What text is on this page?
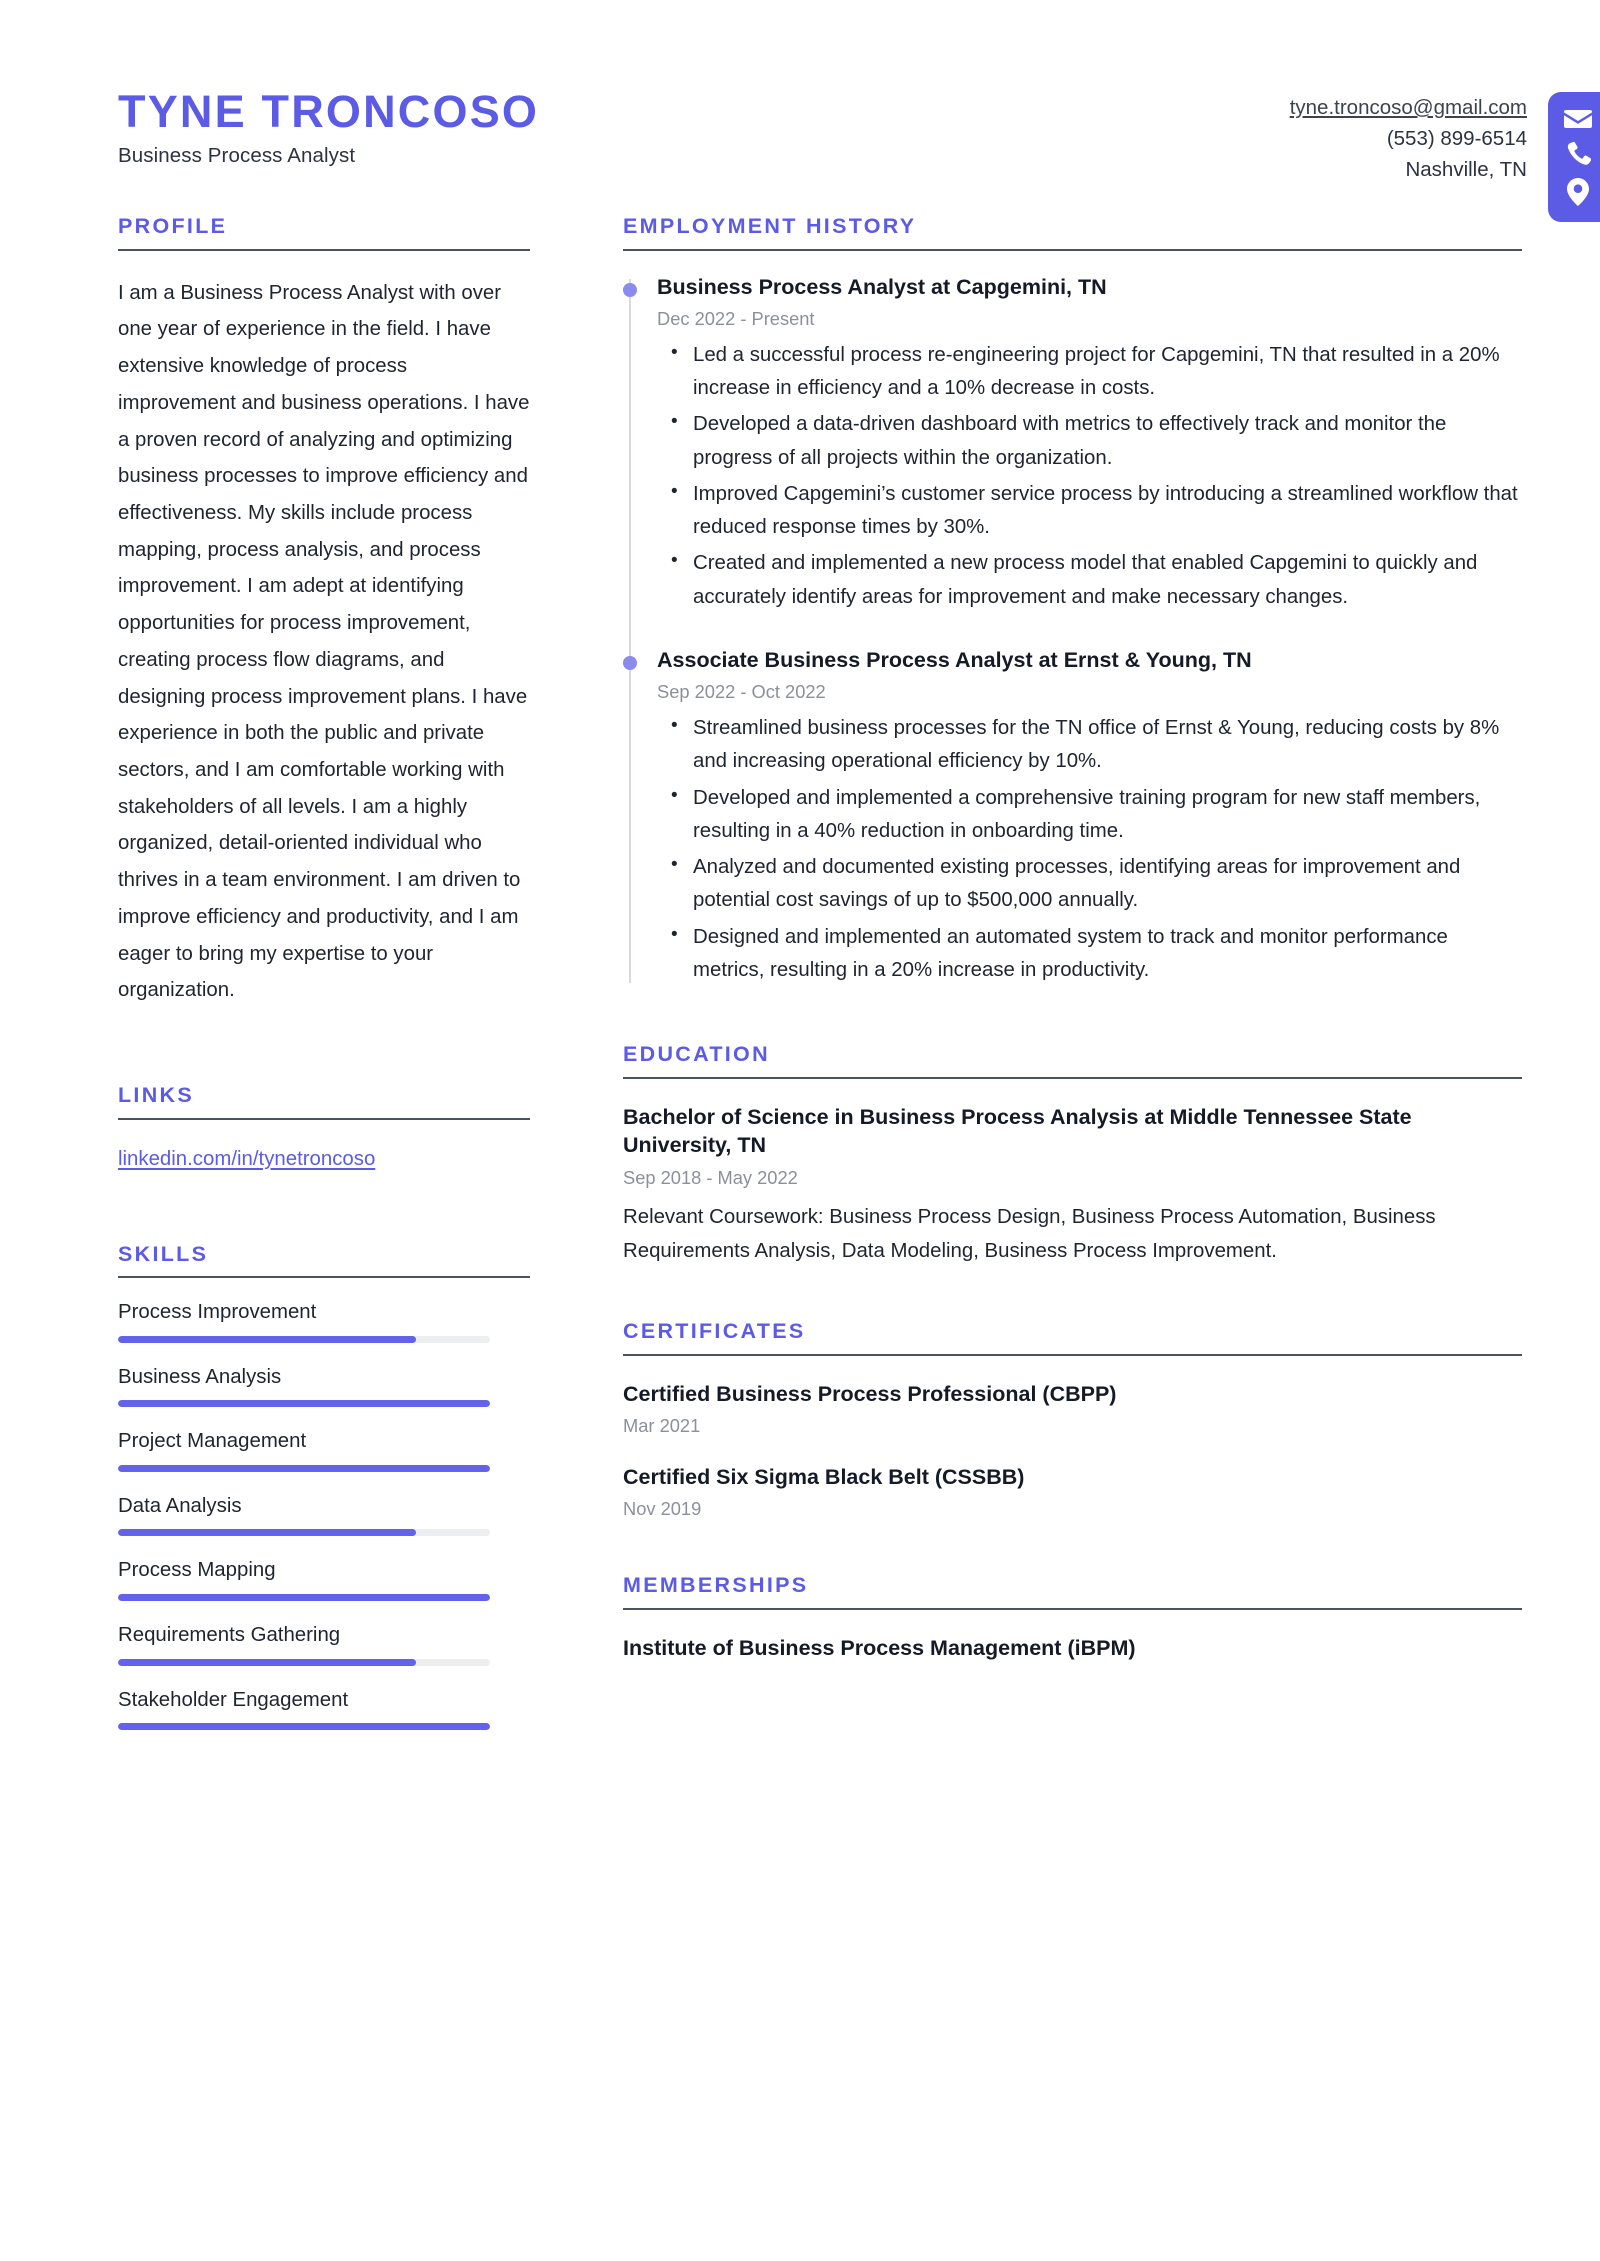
TYNE TRONCOSO
Business Process Analyst
tyne.troncoso@gmail.com
(553) 899-6514
Nashville, TN
PROFILE
I am a Business Process Analyst with over one year of experience in the field. I have extensive knowledge of process improvement and business operations. I have a proven record of analyzing and optimizing business processes to improve efficiency and effectiveness. My skills include process mapping, process analysis, and process improvement. I am adept at identifying opportunities for process improvement, creating process flow diagrams, and designing process improvement plans. I have experience in both the public and private sectors, and I am comfortable working with stakeholders of all levels. I am a highly organized, detail-oriented individual who thrives in a team environment. I am driven to improve efficiency and productivity, and I am eager to bring my expertise to your organization.
LINKS
linkedin.com/in/tynetroncoso
SKILLS
Process Improvement
Business Analysis
Project Management
Data Analysis
Process Mapping
Requirements Gathering
Stakeholder Engagement
EMPLOYMENT HISTORY
Business Process Analyst at Capgemini, TN
Dec 2022 - Present
• Led a successful process re-engineering project for Capgemini, TN that resulted in a 20% increase in efficiency and a 10% decrease in costs.
• Developed a data-driven dashboard with metrics to effectively track and monitor the progress of all projects within the organization.
• Improved Capgemini’s customer service process by introducing a streamlined workflow that reduced response times by 30%.
• Created and implemented a new process model that enabled Capgemini to quickly and accurately identify areas for improvement and make necessary changes.
Associate Business Process Analyst at Ernst & Young, TN
Sep 2022 - Oct 2022
• Streamlined business processes for the TN office of Ernst & Young, reducing costs by 8% and increasing operational efficiency by 10%.
• Developed and implemented a comprehensive training program for new staff members, resulting in a 40% reduction in onboarding time.
• Analyzed and documented existing processes, identifying areas for improvement and potential cost savings of up to $500,000 annually.
• Designed and implemented an automated system to track and monitor performance metrics, resulting in a 20% increase in productivity.
EDUCATION
Bachelor of Science in Business Process Analysis at Middle Tennessee State University, TN
Sep 2018 - May 2022
Relevant Coursework: Business Process Design, Business Process Automation, Business Requirements Analysis, Data Modeling, Business Process Improvement.
CERTIFICATES
Certified Business Process Professional (CBPP)
Mar 2021
Certified Six Sigma Black Belt (CSSBB)
Nov 2019
MEMBERSHIPS
Institute of Business Process Management (iBPM)
